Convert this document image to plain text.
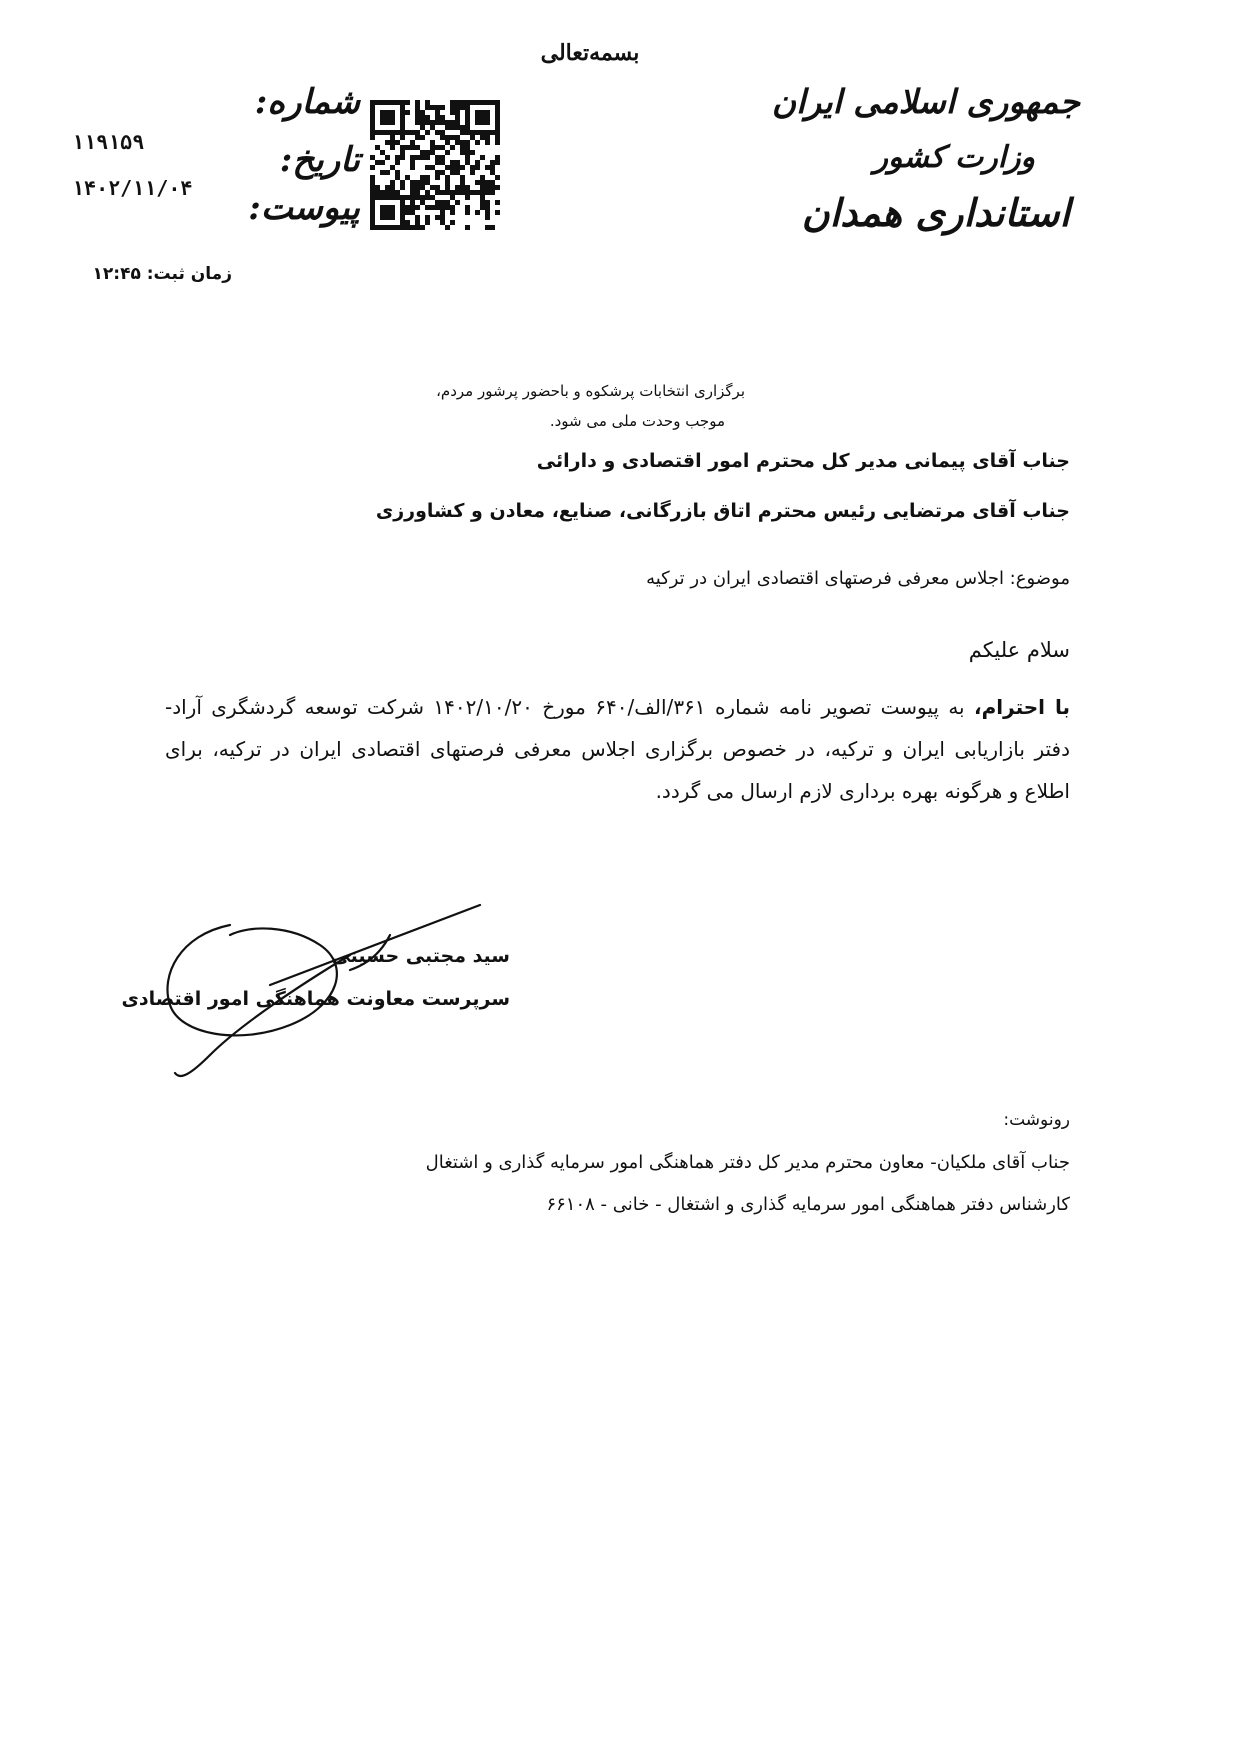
بسمه‌تعالی
جمهوری اسلامی ایران
وزارت کشور
استانداری همدان
شماره:
تاریخ:
پیوست:
۱۱۹۱۵۹
۱۴۰۲/۱۱/۰۴
زمان ثبت: ۱۲:۴۵
برگزاری انتخابات پرشکوه و باحضور پرشور مردم،
موجب وحدت ملی می شود.
جناب آقای پیمانی مدیر کل محترم امور اقتصادی و دارائی
جناب آقای مرتضایی رئیس محترم اتاق بازرگانی، صنایع، معادن و کشاورزی
موضوع: اجلاس معرفی فرصتهای اقتصادی ایران در ترکیه
سلام علیکم
با احترام، به پیوست تصویر نامه شماره ۳۶۱/الف/۶۴۰ مورخ ۱۴۰۲/۱۰/۲۰ شرکت توسعه گردشگری آراد- دفتر بازاریابی ایران و ترکیه، در خصوص برگزاری اجلاس معرفی فرصتهای اقتصادی ایران در ترکیه، برای اطلاع و هرگونه بهره برداری لازم ارسال می گردد.
سید مجتبی حسینی
سرپرست معاونت هماهنگی امور اقتصادی
رونوشت:
جناب آقای ملکیان- معاون محترم مدیر کل دفتر هماهنگی امور سرمایه گذاری و اشتغال
کارشناس دفتر هماهنگی امور سرمایه گذاری و اشتغال - خانی - ۶۶۱۰۸
